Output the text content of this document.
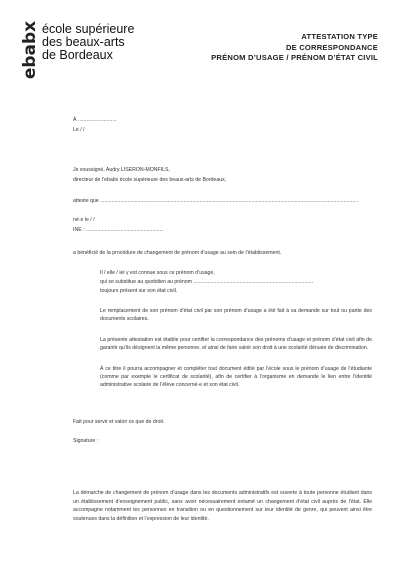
ebabx école supérieure
des beaux-arts
de Bordeaux
ATTESTATION TYPE
DE CORRESPONDANCE
PRÉNOM D’USAGE / PRÉNOM D’ÉTAT CIVIL
À ...........................
Le / /
Je soussigné, Audry LISERON-MONFILS,
directeur de l’ebabx école supérieure des beaux-arts de Bordeaux,
atteste que ...................................................................................................................................................................................
né·e le / /
INE : ......................................................
a bénéficié de la procédure de changement de prénom d’usage au sein de l’établissement.
Il / elle / iel y est connue sous ce prénom d’usage,
qui se substitue au quotidien au prénom ...................................................................................
toujours présent sur son état civil.
Le remplacement de son prénom d’état civil par son prénom d’usage a été fait à sa demande sur tout ou partie des documents scolaires.
La présente attestation est établie pour certifier la correspondance des prénoms d’usage et prénom d’état civil afin de garantir qu’ils désignent la même personne, et ainsi de faire valoir son droit à une scolarité dénuée de discrimination.
À ce titre il pourra accompagner et compléter tout document édité par l’école sous le prénom d’usage de l’étudiante (comme par exemple le certificat de scolarité), afin de certifier à l’organisme en demande le lien entre l’identité administrative scolaire de l’élève concerné·e et son état civil.
Fait pour servir et valoir ce que de droit.
Signature :
La démarche de changement de prénom d’usage dans les documents administratifs est ouverte à toute personne étudiant dans un établissement d’enseignement public, sans avoir nécessairement entamé un changement d’état civil auprès de l’état. Elle accompagne notamment les personnes en transition ou en questionnement sur leur identité de genre, qui peuvent ainsi être soutenues dans la définition et l’expression de leur identité.
